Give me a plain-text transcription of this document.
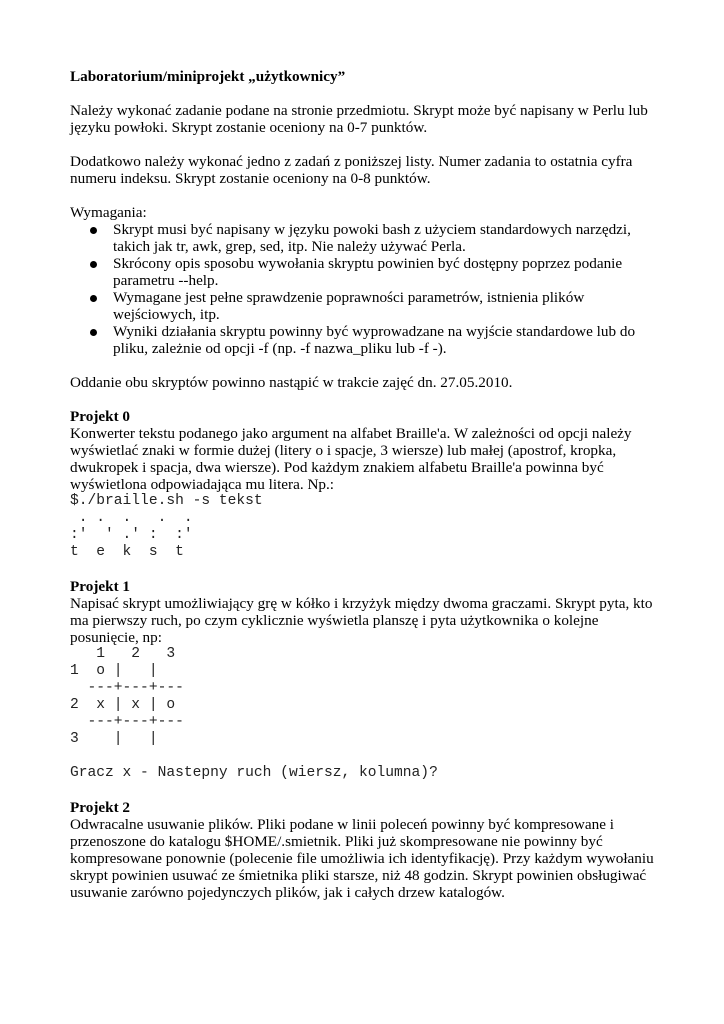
Laboratorium/miniprojekt „użytkownicy”

Należy wykonać zadanie podane na stronie przedmiotu. Skrypt może być napisany w Perlu lub języku powłoki. Skrypt zostanie oceniony na 0-7 punktów.

Dodatkowo należy wykonać jedno z zadań z poniższej listy. Numer zadania to ostatnia cyfra numeru indeksu. Skrypt zostanie oceniony na 0-8 punktów.

Wymagania:

Skrypt musi być napisany w języku powoki bash z użyciem standardowych narzędzi, takich jak tr, awk, grep, sed, itp. Nie należy używać Perla.
Skrócony opis sposobu wywołania skryptu powinien być dostępny poprzez podanie parametru --help.
Wymagane jest pełne sprawdzenie poprawności parametrów, istnienia plików wejściowych, itp.
Wyniki działania skryptu powinny być wyprowadzane na wyjście standardowe lub do pliku, zależnie od opcji -f (np. -f nazwa_pliku lub -f -).

Oddanie obu skryptów powinno nastąpić w trakcie zajęć dn. 27.05.2010.

Projekt 0

Konwerter tekstu podanego jako argument na alfabet Braille'a. W zależności od opcji należy wyświetlać znaki w formie dużej (litery o i spacje, 3 wiersze) lub małej (apostrof, kropka, dwukropek i spacja, dwa wiersze). Pod każdym znakiem alfabetu Braille'a powinna być wyświetlona odpowiadająca mu litera. Np.:

$./braille.sh -s tekst
. .  .   .  .
:'  ' .' :  :'
t  e  k  s  t
Projekt 1

Napisać skrypt umożliwiający grę w kółko i krzyżyk między dwoma graczami. Skrypt pyta, kto ma pierwszy ruch, po czym cyklicznie wyświetla planszę i pyta użytkownika o kolejne posunięcie, np:

1   2   3
1  o |   |
---+---+---
2  x | x | o
---+---+---
3    |   |

Gracz x - Nastepny ruch (wiersz, kolumna)?
Projekt 2

Odwracalne usuwanie plików. Pliki podane w linii poleceń powinny być kompresowane i przenoszone do katalogu $HOME/.smietnik. Pliki już skompresowane nie powinny być kompresowane ponownie (polecenie file umożliwia ich identyfikację). Przy każdym wywołaniu skrypt powinien usuwać ze śmietnika pliki starsze, niż 48 godzin. Skrypt powinien obsługiwać usuwanie zarówno pojedynczych plików, jak i całych drzew katalogów.
